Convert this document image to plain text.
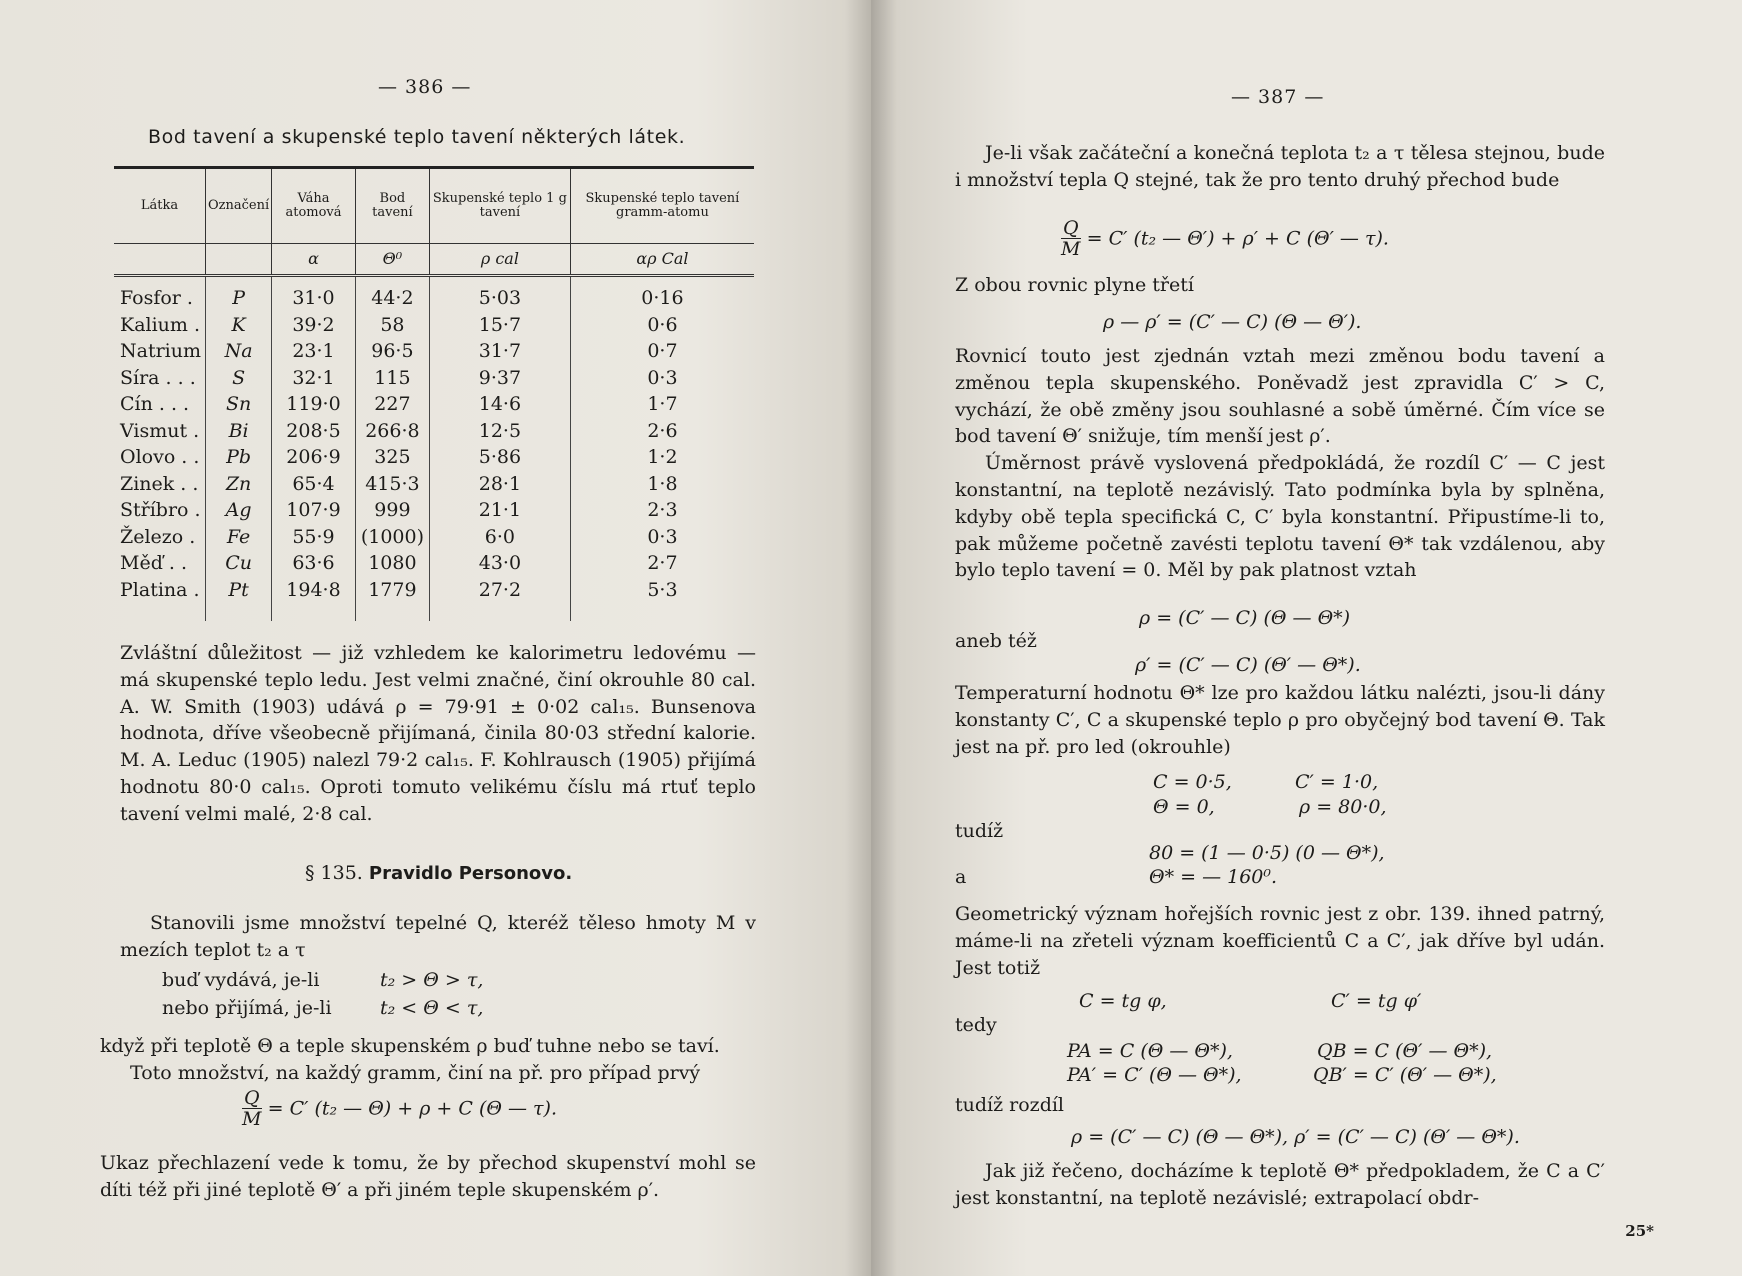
— 386 —
Bod tavení a skupenské teplo tavení některých látek.
Látka	Označení	Váha atomová	Bod tavení	Skupenské teplo 1 g tavení	Skupenské teplo tavení gramm-atomu
		α	Θ⁰	ρ cal	αρ Cal
Fosfor .	P	31·0	44·2	5·03	0·16
Kalium .	K	39·2	58	15·7	0·6
Natrium	Na	23·1	96·5	31·7	0·7
Síra . . .	S	32·1	115	9·37	0·3
Cín . . .	Sn	119·0	227	14·6	1·7
Vismut .	Bi	208·5	266·8	12·5	2·6
Olovo . .	Pb	206·9	325	5·86	1·2
Zinek . .	Zn	65·4	415·3	28·1	1·8
Stříbro .	Ag	107·9	999	21·1	2·3
Železo .	Fe	55·9	(1000)	6·0	0·3
Měď . .	Cu	63·6	1080	43·0	2·7
Platina .	Pt	194·8	1779	27·2	5·3

Zvláštní důležitost — již vzhledem ke kalorimetru ledovému — má skupenské teplo ledu. Jest velmi značné, činí okrouhle 80 cal. A. W. Smith (1903) udává ρ = 79·91 ± 0·02 cal₁₅. Bunsenova hodnota, dříve všeobecně přijímaná, činila 80·03 střední kalorie. M. A. Leduc (1905) nalezl 79·2 cal₁₅. F. Kohlrausch (1905) přijímá hodnotu 80·0 cal₁₅. Oproti tomuto velikému číslu má rtuť teplo tavení velmi malé, 2·8 cal.

§ 135. Pravidlo Personovo.

Stanovili jsme množství tepelné Q, kteréž těleso hmoty M v mezích teplot t₂ a τ

buď vydává, je-li	t₂ > Θ > τ,
nebo přijímá, je-li	t₂ < Θ < τ,

když při teplotě Θ a teple skupenském ρ buď tuhne nebo se taví.

Toto množství, na každý gramm, činí na př. pro případ prvý

$\frac{Q}{M} = C'$ (t₂ — Θ) + ρ + C (Θ — τ).

Ukaz přechlazení vede k tomu, že by přechod skupenství mohl se díti též při jiné teplotě Θ′ a při jiném teple skupenském ρ′.

— 387 —

Je-li však začáteční a konečná teplota t₂ a τ tělesa stejnou, bude i množství tepla Q stejné, tak že pro tento druhý přechod bude

$\frac{Q}{M} = C'$ (t₂ — Θ′) + ρ′ + C (Θ′ — τ).
Z obou rovnic plyne třetí
ρ — ρ′ = (C′ — C) (Θ — Θ′).

Rovnicí touto jest zjednán vztah mezi změnou bodu tavení a změnou tepla skupenského. Poněvadž jest zpravidla C′ > C, vychází, že obě změny jsou souhlasné a sobě úměrné. Čím více se bod tavení Θ′ snižuje, tím menší jest ρ′.

Úměrnost právě vyslovená předpokládá, že rozdíl C′ — C jest konstantní, na teplotě nezávislý. Tato podmínka byla by splněna, kdyby obě tepla specifická C, C′ byla konstantní. Připustíme-li to, pak můžeme početně zavésti teplotu tavení Θ* tak vzdálenou, aby bylo teplo tavení = 0. Měl by pak platnost vztah

ρ = (C′ — C) (Θ — Θ*)
aneb též
ρ′ = (C′ — C) (Θ′ — Θ*).

Temperaturní hodnotu Θ* lze pro každou látku nalézti, jsou-li dány konstanty C′, C a skupenské teplo ρ pro obyčejný bod tavení Θ. Tak jest na př. pro led (okrouhle)

C = 0·5,	C′ = 1·0,
Θ = 0,	ρ = 80·0,
tudíž
80 = (1 — 0·5) (0 — Θ*),
a	Θ* = — 160⁰.

Geometrický význam hořejších rovnic jest z obr. 139. ihned patrný, máme-li na zřeteli význam koefficientů C a C′, jak dříve byl udán. Jest totiž

C = tg φ,	C′ = tg φ′
tedy
PA = C (Θ — Θ*),	QB = C (Θ′ — Θ*),
PA′ = C′ (Θ — Θ*),	QB′ = C′ (Θ′ — Θ*),
tudíž rozdíl
ρ = (C′ — C) (Θ — Θ*), ρ′ = (C′ — C) (Θ′ — Θ*).

Jak již řečeno, docházíme k teplotě Θ* předpokladem, že C a C′ jest konstantní, na teplotě nezávislé; extrapolací obdr-

25*
